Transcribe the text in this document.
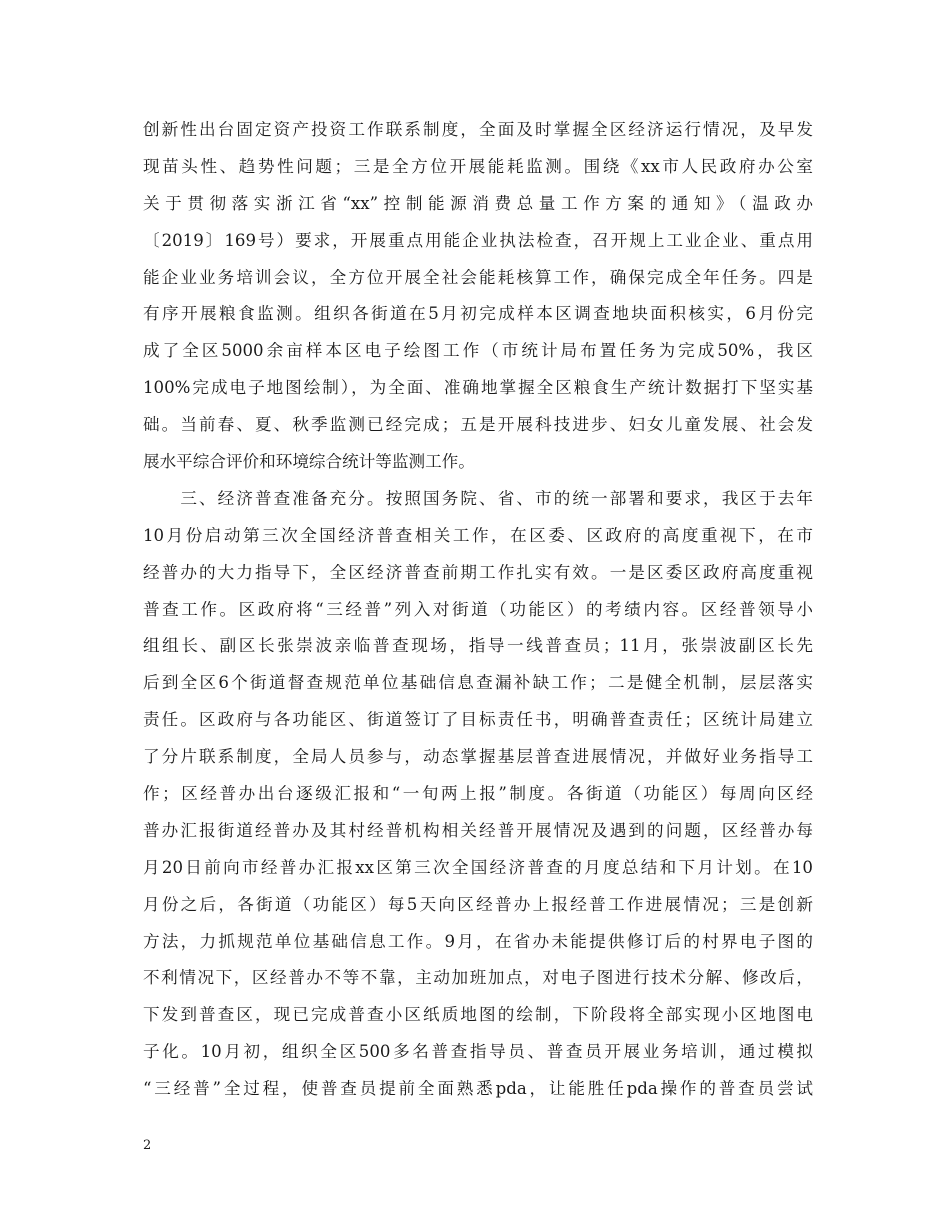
创新性出台固定资产投资工作联系制度，全面及时掌握全区经济运行情况，及早发
现苗头性、趋势性问题；三是全方位开展能耗监测。围绕《xx市人民政府办公室
关于贯彻落实浙江省“xx”控制能源消费总量工作方案的通知》（温政办
〔2019〕169号）要求，开展重点用能企业执法检查，召开规上工业企业、重点用
能企业业务培训会议，全方位开展全社会能耗核算工作，确保完成全年任务。四是
有序开展粮食监测。组织各街道在5月初完成样本区调查地块面积核实，6月份完
成了全区5000余亩样本区电子绘图工作（市统计局布置任务为完成50%，我区
100%完成电子地图绘制），为全面、准确地掌握全区粮食生产统计数据打下坚实基
础。当前春、夏、秋季监测已经完成；五是开展科技进步、妇女儿童发展、社会发
展水平综合评价和环境综合统计等监测工作。
　　三、经济普查准备充分。按照国务院、省、市的统一部署和要求，我区于去年
10月份启动第三次全国经济普查相关工作，在区委、区政府的高度重视下，在市
经普办的大力指导下，全区经济普查前期工作扎实有效。一是区委区政府高度重视
普查工作。区政府将“三经普”列入对街道（功能区）的考绩内容。区经普领导小
组组长、副区长张崇波亲临普查现场，指导一线普查员；11月，张崇波副区长先
后到全区6个街道督查规范单位基础信息查漏补缺工作；二是健全机制，层层落实
责任。区政府与各功能区、街道签订了目标责任书，明确普查责任；区统计局建立
了分片联系制度，全局人员参与，动态掌握基层普查进展情况，并做好业务指导工
作；区经普办出台逐级汇报和“一旬两上报”制度。各街道（功能区）每周向区经
普办汇报街道经普办及其村经普机构相关经普开展情况及遇到的问题，区经普办每
月20日前向市经普办汇报xx区第三次全国经济普查的月度总结和下月计划。在10
月份之后，各街道（功能区）每5天向区经普办上报经普工作进展情况；三是创新
方法，力抓规范单位基础信息工作。9月，在省办未能提供修订后的村界电子图的
不利情况下，区经普办不等不靠，主动加班加点，对电子图进行技术分解、修改后，
下发到普查区，现已完成普查小区纸质地图的绘制，下阶段将全部实现小区地图电
子化。10月初，组织全区500多名普查指导员、普查员开展业务培训，通过模拟
“三经普”全过程，使普查员提前全面熟悉pda，让能胜任pda操作的普查员尝试
2
